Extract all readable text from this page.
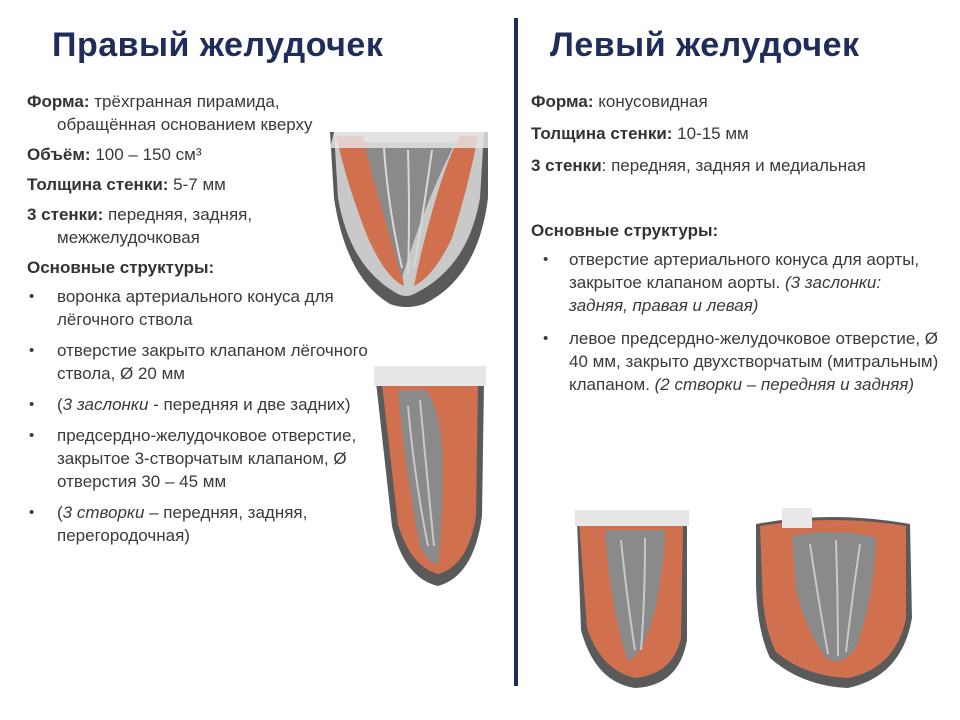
Правый желудочек	Левый желудочек

Форма: трёхгранная пирамида, обращённая основанием кверху

Объём: 100 – 150 см³

Толщина стенки: 5-7 мм

3 стенки: передняя, задняя, межжелудочковая

Основные структуры:

• воронка артериального конуса для лёгочного ствола
• отверстие закрыто клапаном лёгочного ствола, Ø 20 мм
• (3 заслонки - передняя и две задних)
• предсердно-желудочковое отверстие, закрытое 3-створчатым клапаном, Ø отверстия 30 – 45 мм
• (3 створки – передняя, задняя, перегородочная)

Форма: конусовидная

Толщина стенки: 10-15 мм

3 стенки: передняя, задняя и медиальная

Основные структуры:

• отверстие артериального конуса для аорты, закрытое клапаном аорты. (3 заслонки: задняя, правая и левая)
• левое предсердно-желудочковое отверстие, Ø 40 мм, закрыто двухстворчатым (митральным) клапаном. (2 створки – передняя и задняя)
